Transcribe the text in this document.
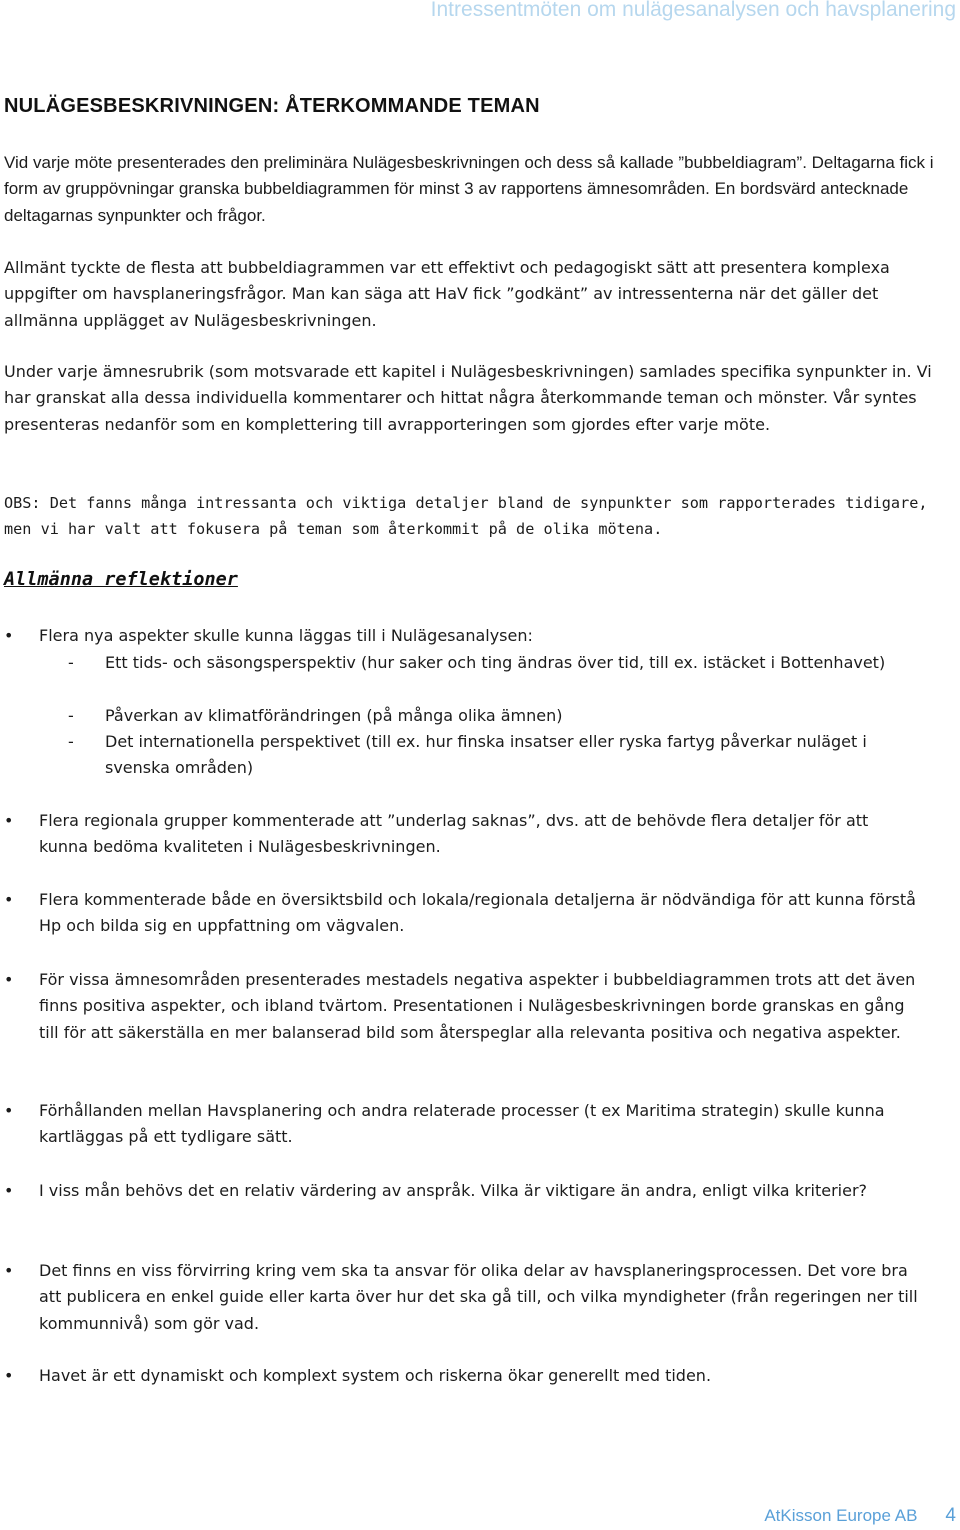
Intressentmöten om nulägesanalysen och havsplanering
NULÄGESBESKRIVNINGEN: ÅTERKOMMANDE TEMAN

Vid varje möte presenterades den preliminära Nulägesbeskrivningen och dess så kallade ”bubbeldiagram”. Deltagarna fick i form av gruppövningar granska bubbeldiagrammen för minst 3 av rapportens ämnesområden. En bordsvärd antecknade deltagarnas synpunkter och frågor.

Allmänt tyckte de flesta att bubbeldiagrammen var ett effektivt och pedagogiskt sätt att presentera komplexa uppgifter om havsplaneringsfrågor. Man kan säga att HaV fick ”godkänt” av intressenterna när det gäller det allmänna upplägget av Nulägesbeskrivningen.

Under varje ämnesrubrik (som motsvarade ett kapitel i Nulägesbeskrivningen) samlades specifika synpunkter in. Vi har granskat alla dessa individuella kommentarer och hittat några återkommande teman och mönster. Vår syntes presenteras nedanför som en komplettering till avrapporteringen som gjordes efter varje möte.

OBS: Det fanns många intressanta och viktiga detaljer bland de synpunkter som rapporterades tidigare, men vi har valt att fokusera på teman som återkommit på de olika mötena.

Allmänna reflektioner
• Flera nya aspekter skulle kunna läggas till i Nulägesanalysen:
- Ett tids- och säsongsperspektiv (hur saker och ting ändras över tid, till ex. istäcket i Bottenhavet)
- Påverkan av klimatförändringen (på många olika ämnen)
- Det internationella perspektivet (till ex. hur finska insatser eller ryska fartyg påverkar nuläget i svenska områden)
• Flera regionala grupper kommenterade att ”underlag saknas”, dvs. att de behövde flera detaljer för att kunna bedöma kvaliteten i Nulägesbeskrivningen.
• Flera kommenterade både en översiktsbild och lokala/regionala detaljerna är nödvändiga för att kunna förstå Hp och bilda sig en uppfattning om vägvalen.
• För vissa ämnesområden presenterades mestadels negativa aspekter i bubbeldiagrammen trots att det även finns positiva aspekter, och ibland tvärtom. Presentationen i Nulägesbeskrivningen borde granskas en gång till för att säkerställa en mer balanserad bild som återspeglar alla relevanta positiva och negativa aspekter.
• Förhållanden mellan Havsplanering och andra relaterade processer (t ex Maritima strategin) skulle kunna kartläggas på ett tydligare sätt.
• I viss mån behövs det en relativ värdering av anspråk. Vilka är viktigare än andra, enligt vilka kriterier?
• Det finns en viss förvirring kring vem ska ta ansvar för olika delar av havsplaneringsprocessen. Det vore bra att publicera en enkel guide eller karta över hur det ska gå till, och vilka myndigheter (från regeringen ner till kommunnivå) som gör vad.
• Havet är ett dynamiskt och komplext system och riskerna ökar generellt med tiden.
AtKisson Europe AB 4
